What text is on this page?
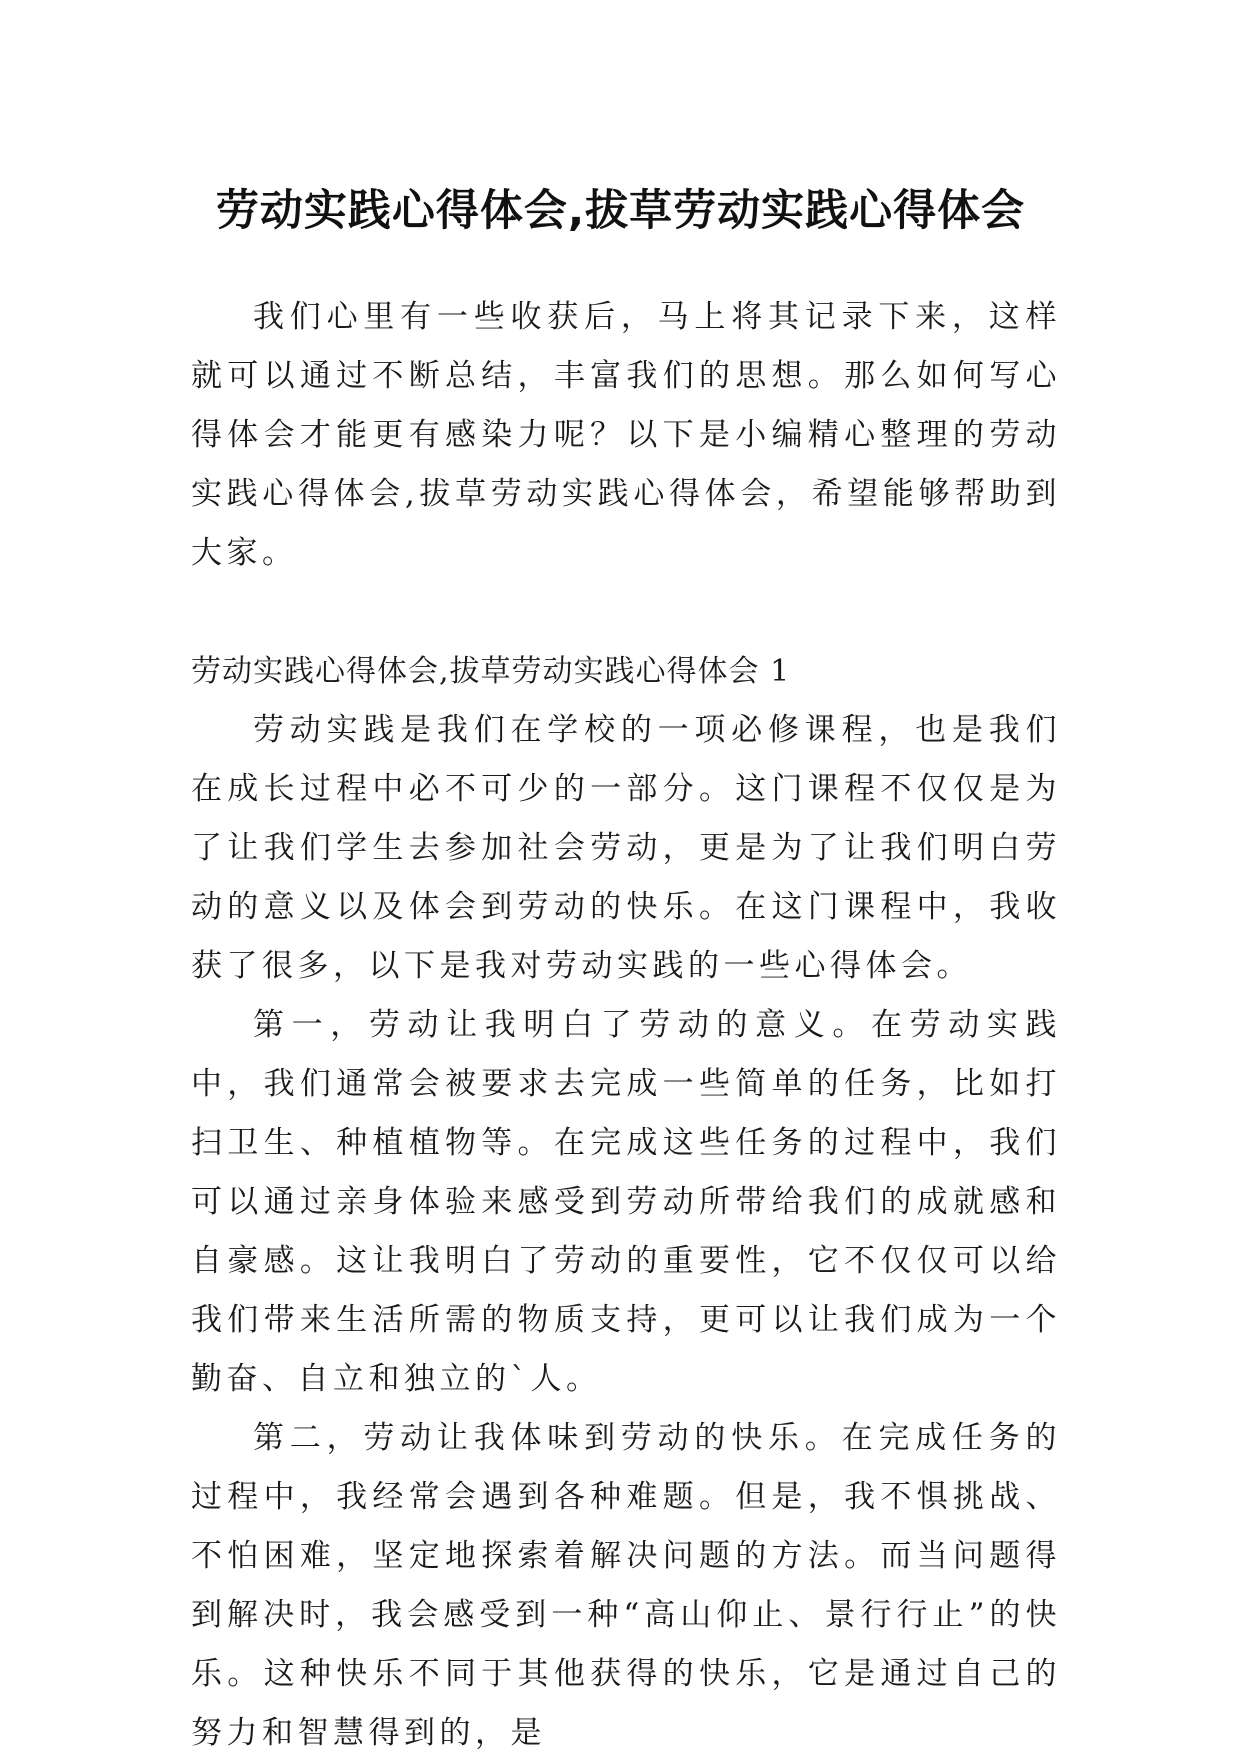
劳动实践心得体会,拔草劳动实践心得体会

我们心里有一些收获后，马上将其记录下来，这样就可以通过不断总结，丰富我们的思想。那么如何写心得体会才能更有感染力呢？以下是小编精心整理的劳动实践心得体会,拔草劳动实践心得体会，希望能够帮助到大家。

劳动实践心得体会,拔草劳动实践心得体会 1

劳动实践是我们在学校的一项必修课程，也是我们在成长过程中必不可少的一部分。这门课程不仅仅是为了让我们学生去参加社会劳动，更是为了让我们明白劳动的意义以及体会到劳动的快乐。在这门课程中，我收获了很多，以下是我对劳动实践的一些心得体会。

第一，劳动让我明白了劳动的意义。在劳动实践中，我们通常会被要求去完成一些简单的任务，比如打扫卫生、种植植物等。在完成这些任务的过程中，我们可以通过亲身体验来感受到劳动所带给我们的成就感和自豪感。这让我明白了劳动的重要性，它不仅仅可以给我们带来生活所需的物质支持，更可以让我们成为一个勤奋、自立和独立的`人。

第二，劳动让我体味到劳动的快乐。在完成任务的过程中，我经常会遇到各种难题。但是，我不惧挑战、不怕困难，坚定地探索着解决问题的方法。而当问题得到解决时，我会感受到一种“高山仰止、景行行止”的快乐。这种快乐不同于其他获得的快乐，它是通过自己的努力和智慧得到的，是
